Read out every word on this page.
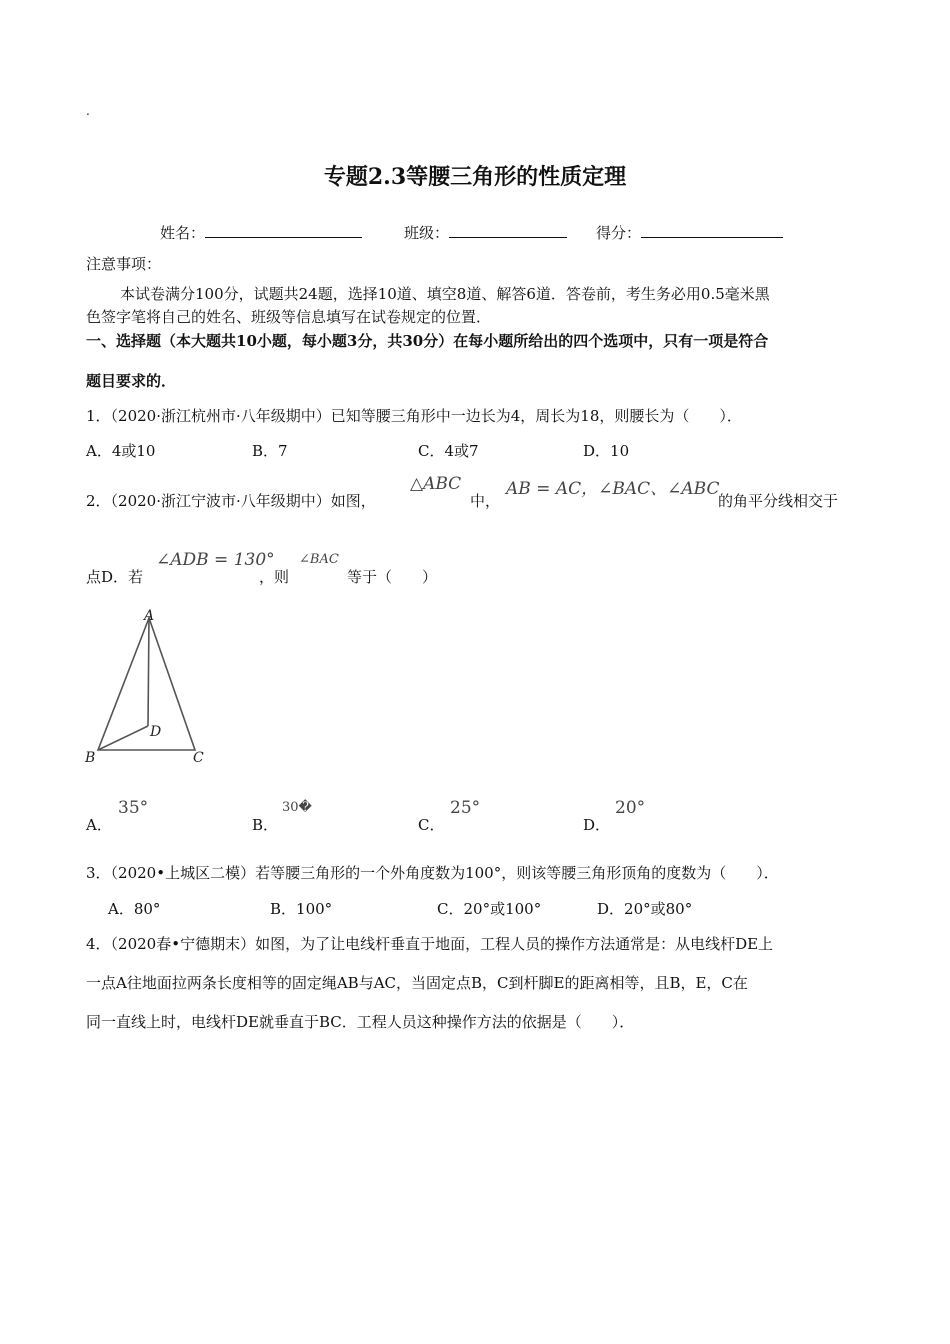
.
专题2.3等腰三角形的性质定理
姓名：	班级：	得分：
注意事项：
本试卷满分100分，试题共24题，选择10道、填空8道、解答6道．答卷前，考生务必用0.5毫米黑
色签字笔将自己的姓名、班级等信息填写在试卷规定的位置．
一、选择题（本大题共10小题，每小题3分，共30分）在每小题所给出的四个选项中，只有一项是符合
题目要求的．
1．（2020·浙江杭州市·八年级期中）已知等腰三角形中一边长为4，周长为18，则腰长为（　　）．
A．4或10	B．7	C．4或7	D．10
2．（2020·浙江宁波市·八年级期中）如图，
△ABC
中，
AB = AC，∠BAC、∠ABC
的角平分线相交于
点D．若
∠ADB = 130°
，则
∠BAC
等于（　　）
A
B	C
D
A．
35°
B．
30�
C．
25°
D．
20°
3．（2020•上城区二模）若等腰三角形的一个外角度数为100°，则该等腰三角形顶角的度数为（　　）．
A．80°	B．100°	C．20°或100°	D．20°或80°
4．（2020春•宁德期末）如图，为了让电线杆垂直于地面，工程人员的操作方法通常是：从电线杆DE上
一点A往地面拉两条长度相等的固定绳AB与AC，当固定点B，C到杆脚E的距离相等，且B，E，C在
同一直线上时，电线杆DE就垂直于BC．工程人员这种操作方法的依据是（　　）．
